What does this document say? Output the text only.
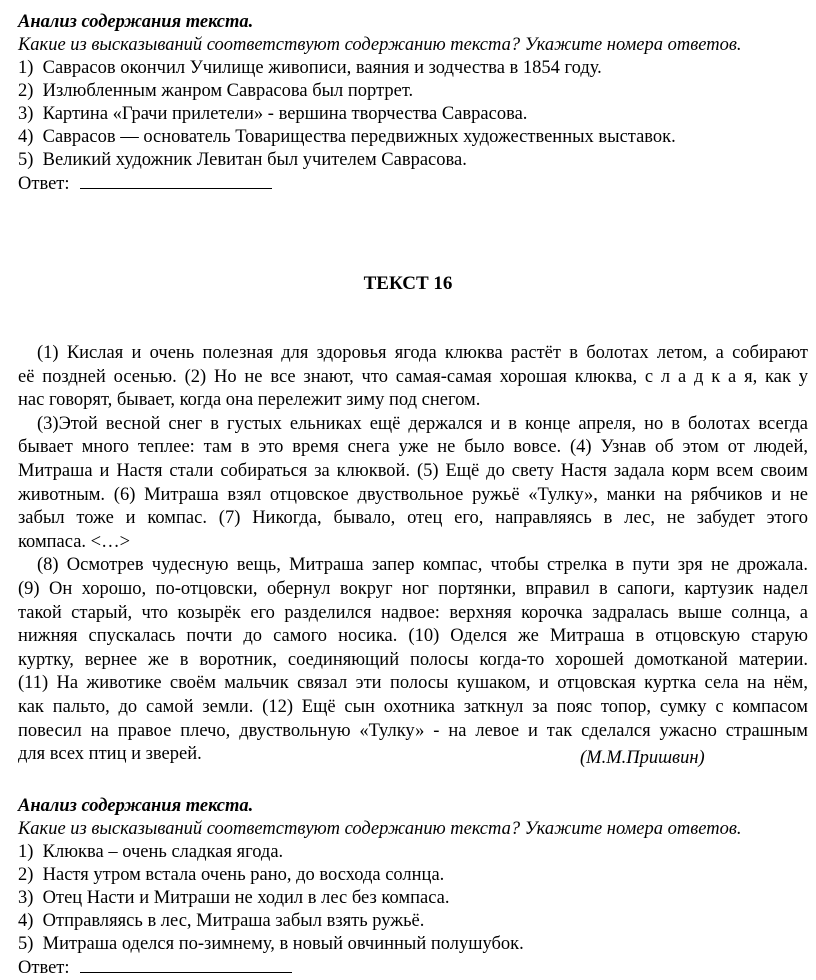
Анализ содержания текста.
Какие из высказываний соответствуют содержанию текста? Укажите номера ответов.
1) Саврасов окончил Училище живописи, ваяния и зодчества в 1854 году.
2) Излюбленным жанром Саврасова был портрет.
3) Картина «Грачи прилетели» - вершина творчества Саврасова.
4) Саврасов — основатель Товарищества передвижных художественных выставок.
5) Великий художник Левитан был учителем Саврасова.
Ответ:
ТЕКСТ 16
(1) Кислая и очень полезная для здоровья ягода клюква растёт в болотах летом, а собирают
её поздней осенью. (2) Но не все знают, что самая-самая хорошая клюква, с л а д к а я, как у
нас говорят, бывает, когда она перележит зиму под снегом.
(3)Этой весной снег в густых ельниках ещё держался и в конце апреля, но в болотах всегда
бывает много теплее: там в это время снега уже не было вовсе. (4) Узнав об этом от людей,
Митраша и Настя стали собираться за клюквой. (5) Ещё до свету Настя задала корм всем своим
животным. (6) Митраша взял отцовское двуствольное ружьё «Тулку», манки на рябчиков и не
забыл тоже и компас. (7) Никогда, бывало, отец его, направляясь в лес, не забудет этого
компаса. <…>
(8) Осмотрев чудесную вещь, Митраша запер компас, чтобы стрелка в пути зря не дрожала.
(9) Он хорошо, по-отцовски, обернул вокруг ног портянки, вправил в сапоги, картузик надел
такой старый, что козырёк его разделился надвое: верхняя корочка задралась выше солнца, а
нижняя спускалась почти до самого носика. (10) Оделся же Митраша в отцовскую старую
куртку, вернее же в воротник, соединяющий полосы когда-то хорошей домотканой материи.
(11) На животике своём мальчик связал эти полосы кушаком, и отцовская куртка села на нём,
как пальто, до самой земли. (12) Ещё сын охотника заткнул за пояс топор, сумку с компасом
повесил на правое плечо, двуствольную «Тулку» - на левое и так сделался ужасно страшным
для всех птиц и зверей.	(М.М.Пришвин)
Анализ содержания текста.
Какие из высказываний соответствуют содержанию текста? Укажите номера ответов.
1) Клюква – очень сладкая ягода.
2) Настя утром встала очень рано, до восхода солнца.
3) Отец Насти и Митраши не ходил в лес без компаса.
4) Отправляясь в лес, Митраша забыл взять ружьё.
5) Митраша оделся по-зимнему, в новый овчинный полушубок.
Ответ:
